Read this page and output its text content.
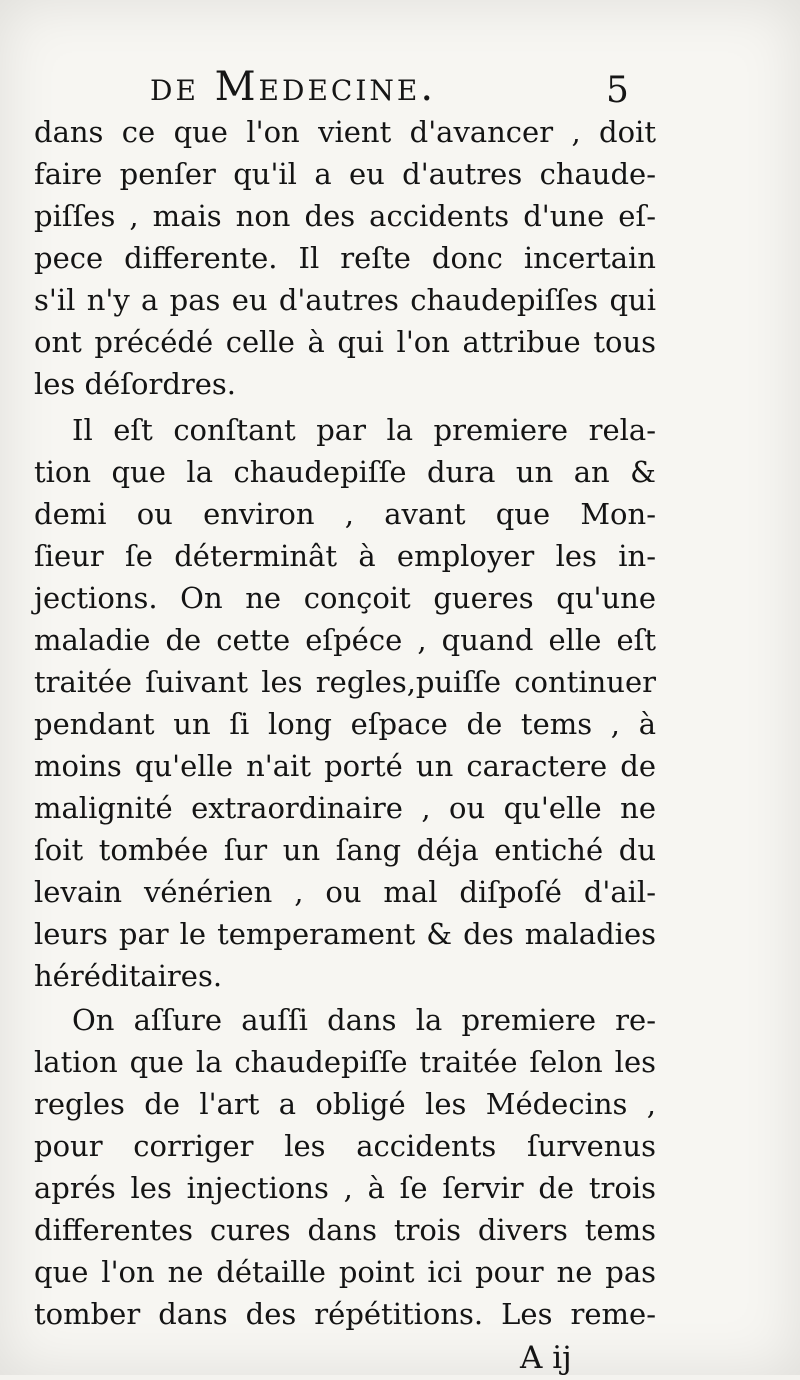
de Medecine.	5
dans ce que l'on vient d'avancer , doit
faire penſer qu'il a eu d'autres chaude-
piſſes , mais non des accidents d'une eſ-
pece differente. Il reſte donc incertain
s'il n'y a pas eu d'autres chaudepiſſes qui
ont précédé celle à qui l'on attribue tous
les déſordres.
Il eſt conſtant par la premiere rela-
tion que la chaudepiſſe dura un an &
demi ou environ , avant que Mon-
ſieur ſe déterminât à employer les in-
jections. On ne conçoit gueres qu'une
maladie de cette eſpéce , quand elle eſt
traitée ſuivant les regles,puiſſe continuer
pendant un ſi long eſpace de tems , à
moins qu'elle n'ait porté un caractere de
malignité extraordinaire , ou qu'elle ne
ſoit tombée ſur un ſang déja entiché du
levain vénérien , ou mal diſpoſé d'ail-
leurs par le temperament & des maladies
héréditaires.
On aſſure auſſi dans la premiere re-
lation que la chaudepiſſe traitée ſelon les
regles de l'art a obligé les Médecins ,
pour corriger les accidents ſurvenus
aprés les injections , à ſe ſervir de trois
differentes cures dans trois divers tems
que l'on ne détaille point ici pour ne pas
tomber dans des répétitions. Les reme-
A ij
